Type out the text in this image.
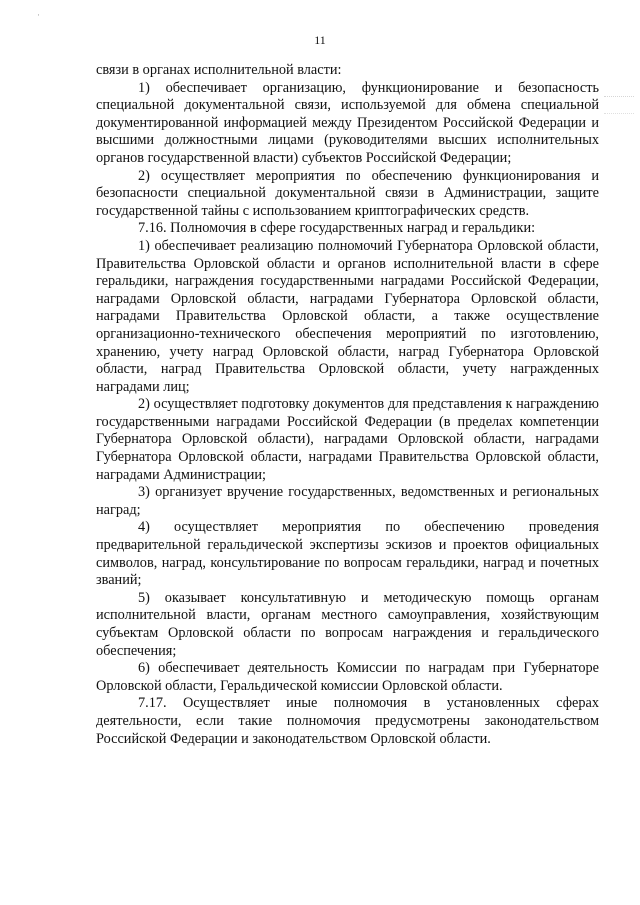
·
11

связи в органах исполнительной власти:

1) обеспечивает организацию, функционирование и безопасность специальной документальной связи, используемой для обмена специальной документированной информацией между Президентом Российской Федерации и высшими должностными лицами (руководителями высших исполнительных органов государственной власти) субъектов Российской Федерации;

2) осуществляет мероприятия по обеспечению функционирования и безопасности специальной документальной связи в Администрации, защите государственной тайны с использованием криптографических средств.

7.16. Полномочия в сфере государственных наград и геральдики:

1) обеспечивает реализацию полномочий Губернатора Орловской области, Правительства Орловской области и органов исполнительной власти в сфере геральдики, награждения государственными наградами Российской Федерации, наградами Орловской области, наградами Губернатора Орловской области, наградами Правительства Орловской области, а также осуществление организационно-технического обеспечения мероприятий по изготовлению, хранению, учету наград Орловской области, наград Губернатора Орловской области, наград Правительства Орловской области, учету награжденных наградами лиц;

2) осуществляет подготовку документов для представления к награждению государственными наградами Российской Федерации (в пределах компетенции Губернатора Орловской области), наградами Орловской области, наградами Губернатора Орловской области, наградами Правительства Орловской области, наградами Администрации;

3) организует вручение государственных, ведомственных и региональных наград;

4) осуществляет мероприятия по обеспечению проведения предварительной геральдической экспертизы эскизов и проектов официальных символов, наград, консультирование по вопросам геральдики, наград и почетных званий;

5) оказывает консультативную и методическую помощь органам исполнительной власти, органам местного самоуправления, хозяйствующим субъектам Орловской области по вопросам награждения и геральдического обеспечения;

6) обеспечивает деятельность Комиссии по наградам при Губернаторе Орловской области, Геральдической комиссии Орловской области.

7.17. Осуществляет иные полномочия в установленных сферах деятельности, если такие полномочия предусмотрены законодательством Российской Федерации и законодательством Орловской области.
